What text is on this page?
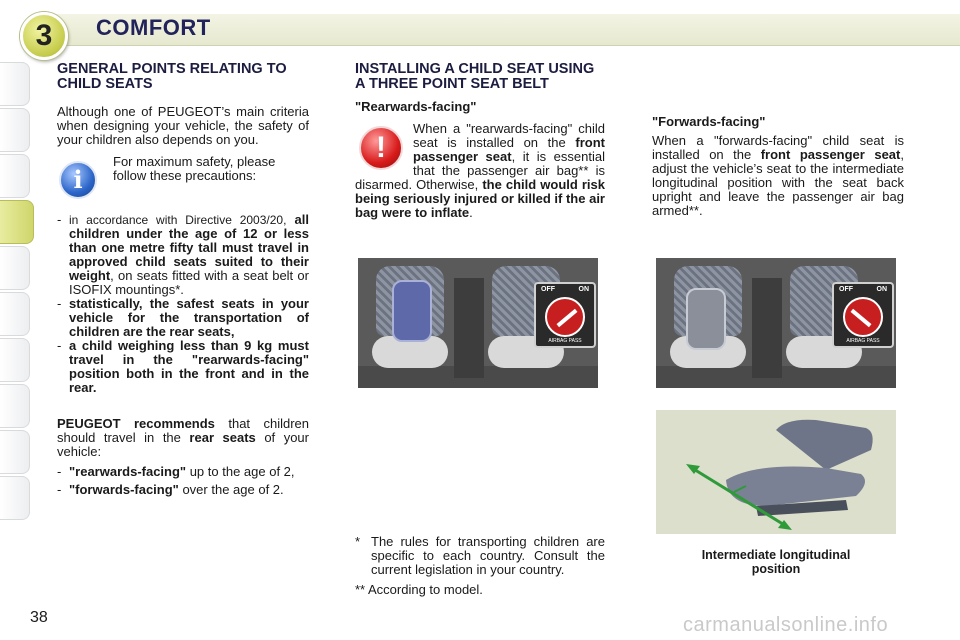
3 COMFORT
GENERAL POINTS RELATING TO CHILD SEATS
Although one of PEUGEOT’s main criteria when designing your vehicle, the safety of your children also depends on you.
i
For maximum safety, please follow these precautions:
- in accordance with Directive 2003/20, all children under the age of 12 or less than one metre fifty tall must travel in approved child seats suited to their weight, on seats fitted with a seat belt or ISOFIX mountings*.
- statistically, the safest seats in your vehicle for the transportation of children are the rear seats,
- a child weighing less than 9 kg must travel in the "rearwards-facing" position both in the front and in the rear.
PEUGEOT recommends that children should travel in the rear seats of your vehicle:
- "rearwards-facing" up to the age of 2,
- "forwards-facing" over the age of 2.
INSTALLING A CHILD SEAT USING A THREE POINT SEAT BELT
"Rearwards-facing"
!
When a "rearwards-facing" child seat is installed on the front passenger seat, it is essential that the passenger air bag** is disarmed. Otherwise, the child would risk being seriously injured or killed if the air bag were to inflate.
OFF	ON
AIRBAG PASS
* The rules for transporting children are specific to each country. Consult the current legislation in your country.
** According to model.
"Forwards-facing"
When a "forwards-facing" child seat is installed on the front passenger seat, adjust the vehicle’s seat to the intermediate longitudinal position with the seat back upright and leave the passenger air bag armed**.
OFF	ON
AIRBAG PASS
Intermediate longitudinal position
38	carmanualsonline.info
